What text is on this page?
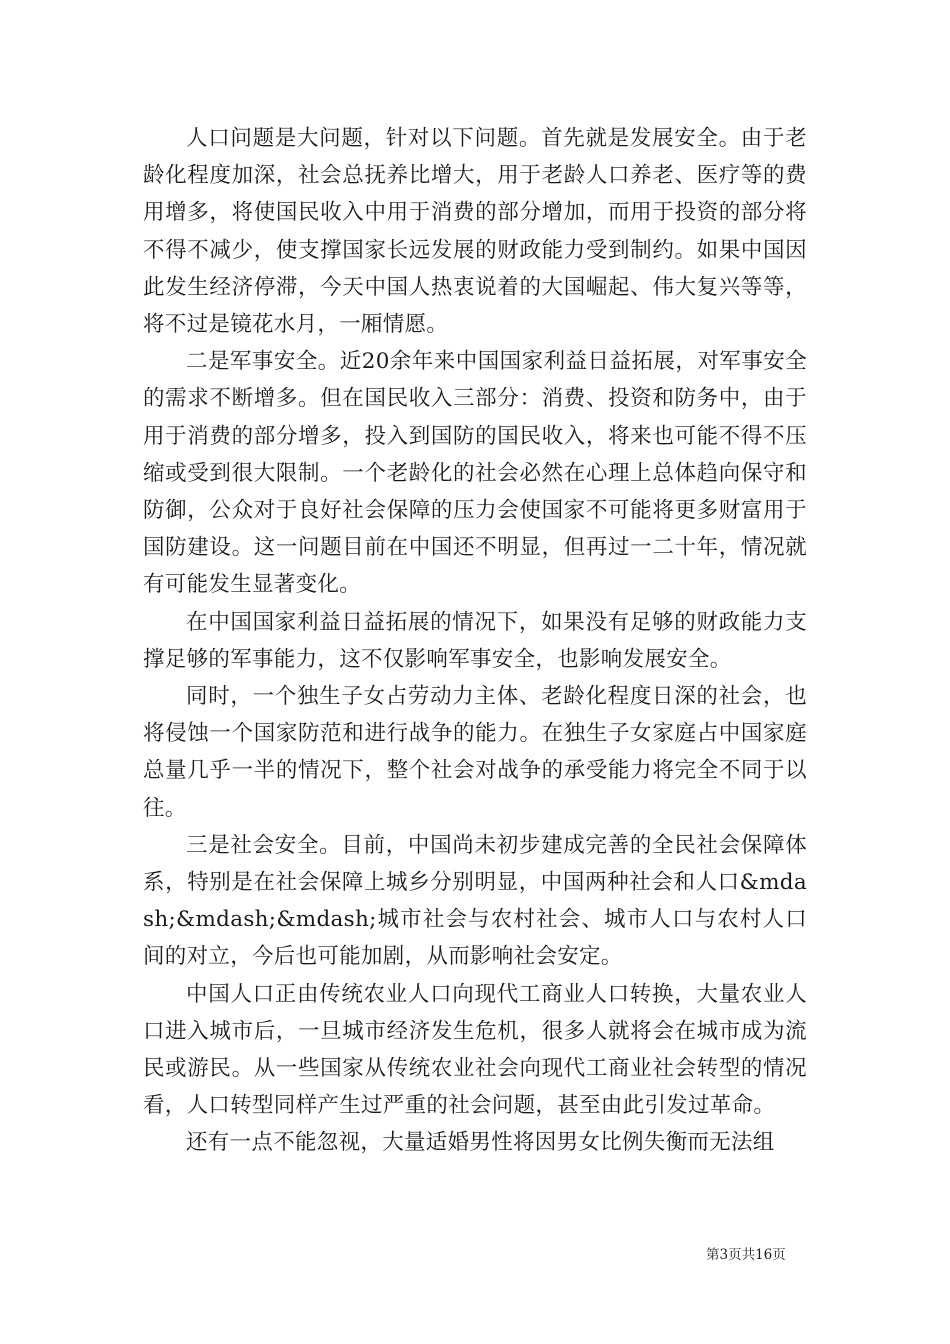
人口问题是大问题，针对以下问题。首先就是发展安全。由于老龄化程度加深，社会总抚养比增大，用于老龄人口养老、医疗等的费用增多，将使国民收入中用于消费的部分增加，而用于投资的部分将不得不减少，使支撑国家长远发展的财政能力受到制约。如果中国因此发生经济停滞，今天中国人热衷说着的大国崛起、伟大复兴等等，将不过是镜花水月，一厢情愿。

二是军事安全。近20余年来中国国家利益日益拓展，对军事安全的需求不断增多。但在国民收入三部分：消费、投资和防务中，由于用于消费的部分增多，投入到国防的国民收入，将来也可能不得不压缩或受到很大限制。一个老龄化的社会必然在心理上总体趋向保守和防御，公众对于良好社会保障的压力会使国家不可能将更多财富用于国防建设。这一问题目前在中国还不明显，但再过一二十年，情况就有可能发生显著变化。

在中国国家利益日益拓展的情况下，如果没有足够的财政能力支撑足够的军事能力，这不仅影响军事安全，也影响发展安全。

同时，一个独生子女占劳动力主体、老龄化程度日深的社会，也将侵蚀一个国家防范和进行战争的能力。在独生子女家庭占中国家庭总量几乎一半的情况下，整个社会对战争的承受能力将完全不同于以往。

三是社会安全。目前，中国尚未初步建成完善的全民社会保障体系，特别是在社会保障上城乡分别明显，中国两种社会和人口&mdash;&mdash;&mdash;城市社会与农村社会、城市人口与农村人口间的对立，今后也可能加剧，从而影响社会安定。

中国人口正由传统农业人口向现代工商业人口转换，大量农业人口进入城市后，一旦城市经济发生危机，很多人就将会在城市成为流民或游民。从一些国家从传统农业社会向现代工商业社会转型的情况看，人口转型同样产生过严重的社会问题，甚至由此引发过革命。

还有一点不能忽视，大量适婚男性将因男女比例失衡而无法组

第3页共16页
